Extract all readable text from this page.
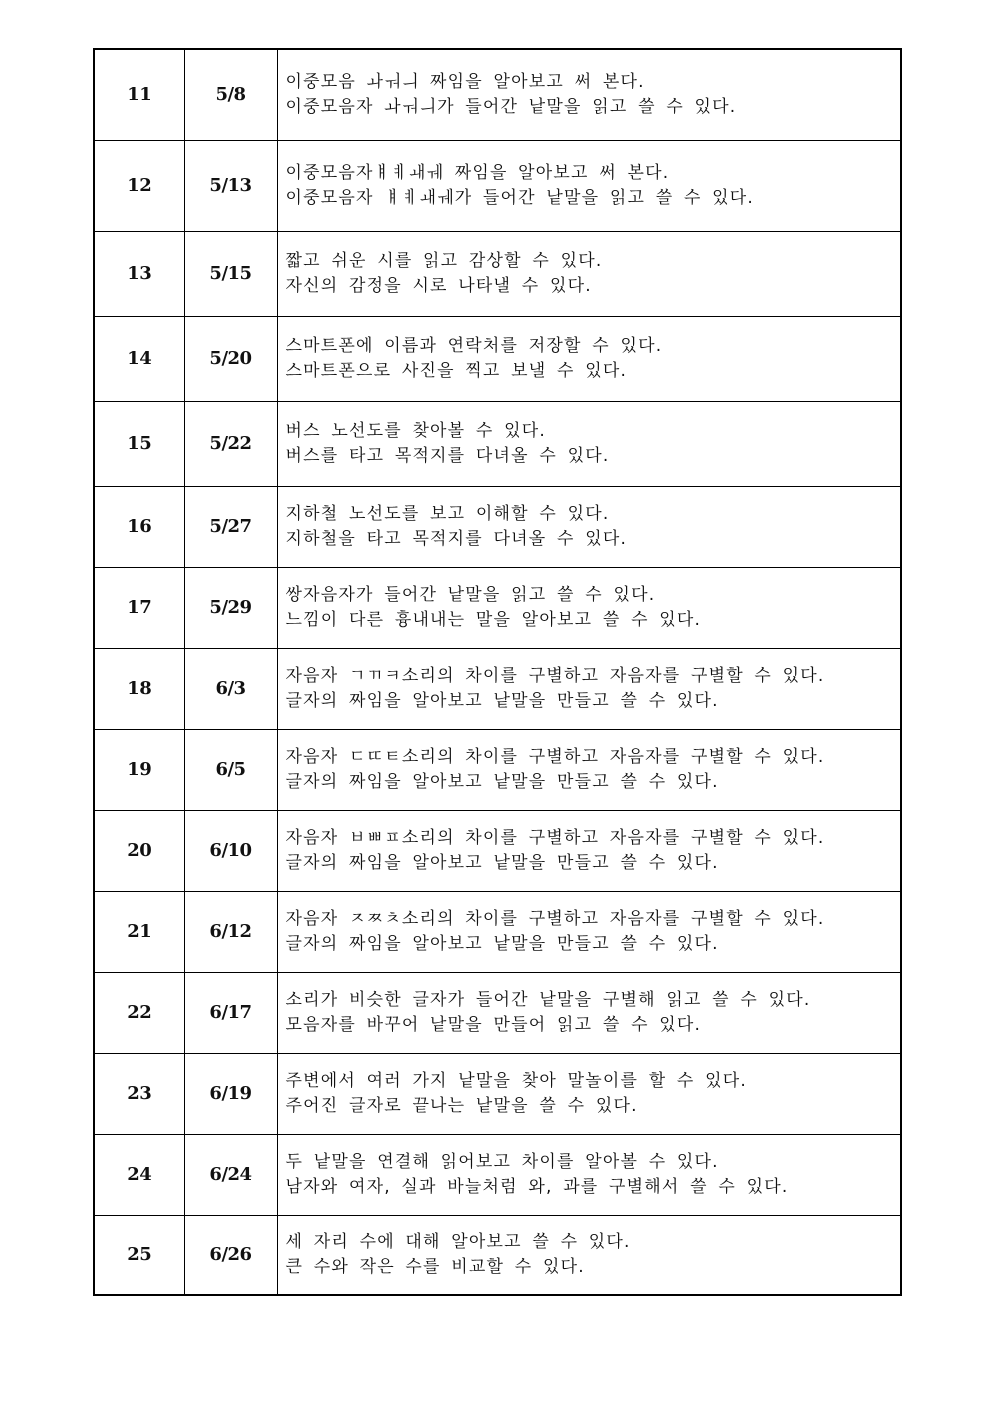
11	5/8	이중모음 ㅘㅝㅢ 짜임을 알아보고 써 본다.
이중모음자 ㅘㅝㅢ가 들어간 낱말을 읽고 쓸 수 있다.

12	5/13	이중모음자ㅒㅖㅙㅞ 짜임을 알아보고 써 본다.
이중모음자 ㅒㅖㅙㅞ가 들어간 낱말을 읽고 쓸 수 있다.

13	5/15	짧고 쉬운 시를 읽고 감상할 수 있다.
자신의 감정을 시로 나타낼 수 있다.

14	5/20	스마트폰에 이름과 연락처를 저장할 수 있다.
스마트폰으로 사진을 찍고 보낼 수 있다.

15	5/22	버스 노선도를 찾아볼 수 있다.
버스를 타고 목적지를 다녀올 수 있다.

16	5/27	지하철 노선도를 보고 이해할 수 있다.
지하철을 타고 목적지를 다녀올 수 있다.

17	5/29	쌍자음자가 들어간 낱말을 읽고 쓸 수 있다.
느낌이 다른 흉내내는 말을 알아보고 쓸 수 있다.

18	6/3	자음자 ㄱㄲㅋ소리의 차이를 구별하고 자음자를 구별할 수 있다.
글자의 짜임을 알아보고 낱말을 만들고 쓸 수 있다.

19	6/5	자음자 ㄷㄸㅌ소리의 차이를 구별하고 자음자를 구별할 수 있다.
글자의 짜임을 알아보고 낱말을 만들고 쓸 수 있다.

20	6/10	자음자 ㅂㅃㅍ소리의 차이를 구별하고 자음자를 구별할 수 있다.
글자의 짜임을 알아보고 낱말을 만들고 쓸 수 있다.

21	6/12	자음자 ㅈㅉㅊ소리의 차이를 구별하고 자음자를 구별할 수 있다.
글자의 짜임을 알아보고 낱말을 만들고 쓸 수 있다.

22	6/17	소리가 비슷한 글자가 들어간 낱말을 구별해 읽고 쓸 수 있다.
모음자를 바꾸어 낱말을 만들어 읽고 쓸 수 있다.

23	6/19	주변에서 여러 가지 낱말을 찾아 말놀이를 할 수 있다.
주어진 글자로 끝나는 낱말을 쓸 수 있다.

24	6/24	두 낱말을 연결해 읽어보고 차이를 알아볼 수 있다.
남자와 여자, 실과 바늘처럼 와, 과를 구별해서 쓸 수 있다.

25	6/26	세 자리 수에 대해 알아보고 쓸 수 있다.
큰 수와 작은 수를 비교할 수 있다.
